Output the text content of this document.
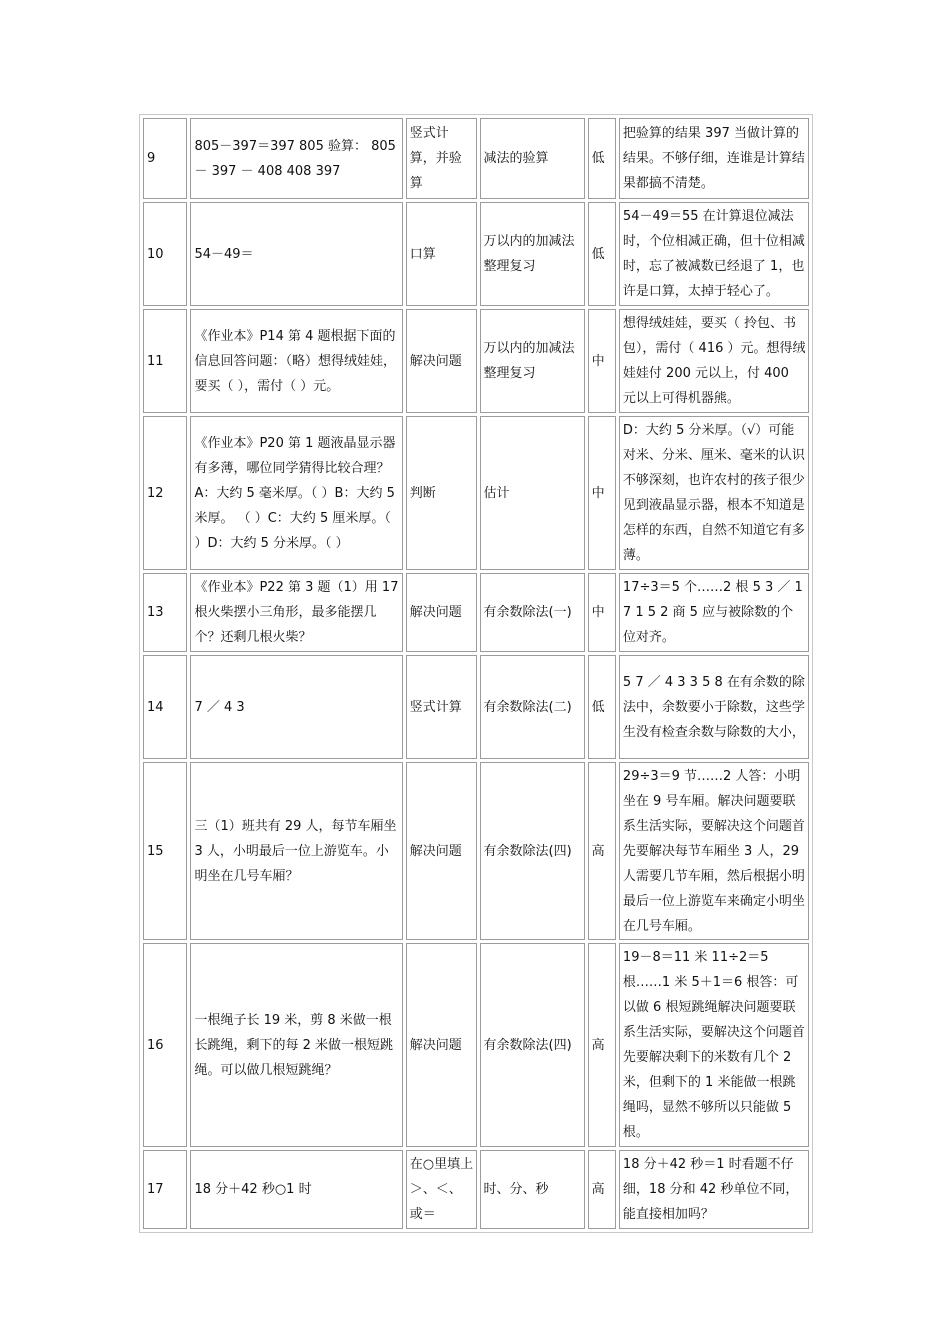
9	805－397＝397 805 验算： 805 － 397 － 408 408 397	竖式计算，并验算	减法的验算	低	把验算的结果 397 当做计算的结果。不够仔细，连谁是计算结果都搞不清楚。
10	54－49＝	口算	万以内的加减法整理复习	低	54－49＝55 在计算退位减法时，个位相减正确，但十位相减时，忘了被减数已经退了 1，也许是口算，太掉于轻心了。
11	《作业本》P14 第 4 题根据下面的信息回答问题：（略）想得绒娃娃，要买（ ），需付（ ）元。	解决问题	万以内的加减法整理复习	中	想得绒娃娃，要买（ 拎包、书包），需付（ 416 ）元。想得绒娃娃付 200 元以上，付 400 元以上可得机器熊。
12	《作业本》P20 第 1 题液晶显示器有多薄，哪位同学猜得比较合理？A：大约 5 毫米厚。（ ）B：大约 5 米厚。 （ ）C：大约 5 厘米厚。（ ）D：大约 5 分米厚。（ ）	判断	估计	中	D：大约 5 分米厚。（√）可能对米、分米、厘米、毫米的认识不够深刻，也许农村的孩子很少见到液晶显示器，根本不知道是怎样的东西，自然不知道它有多薄。
13	《作业本》P22 第 3 题（1）用 17 根火柴摆小三角形，最多能摆几个？还剩几根火柴？	解决问题	有余数除法(一)	中	17÷3＝5 个……2 根 5 3 ／ 1 7 1 5 2 商 5 应与被除数的个位对齐。
14	7 ／ 4 3	竖式计算	有余数除法(二)	低	5 7 ／ 4 3 3 5 8 在有余数的除法中，余数要小于除数，这些学生没有检查余数与除数的大小，
15	三（1）班共有 29 人，每节车厢坐 3 人，小明最后一位上游览车。小明坐在几号车厢？	解决问题	有余数除法(四)	高	29÷3＝9 节……2 人答：小明坐在 9 号车厢。解决问题要联系生活实际，要解决这个问题首先要解决每节车厢坐 3 人，29 人需要几节车厢，然后根据小明最后一位上游览车来确定小明坐在几号车厢。
16	一根绳子长 19 米，剪 8 米做一根长跳绳，剩下的每 2 米做一根短跳绳。可以做几根短跳绳？	解决问题	有余数除法(四)	高	19－8＝11 米 11÷2＝5 根……1 米 5＋1＝6 根答：可以做 6 根短跳绳解决问题要联系生活实际，要解决这个问题首先要解决剩下的米数有几个 2 米，但剩下的 1 米能做一根跳绳吗，显然不够所以只能做 5 根。
17	18 分＋42 秒○1 时	在○里填上＞、＜、或＝	时、分、秒	高	18 分＋42 秒＝1 时看题不仔细，18 分和 42 秒单位不同，能直接相加吗？
